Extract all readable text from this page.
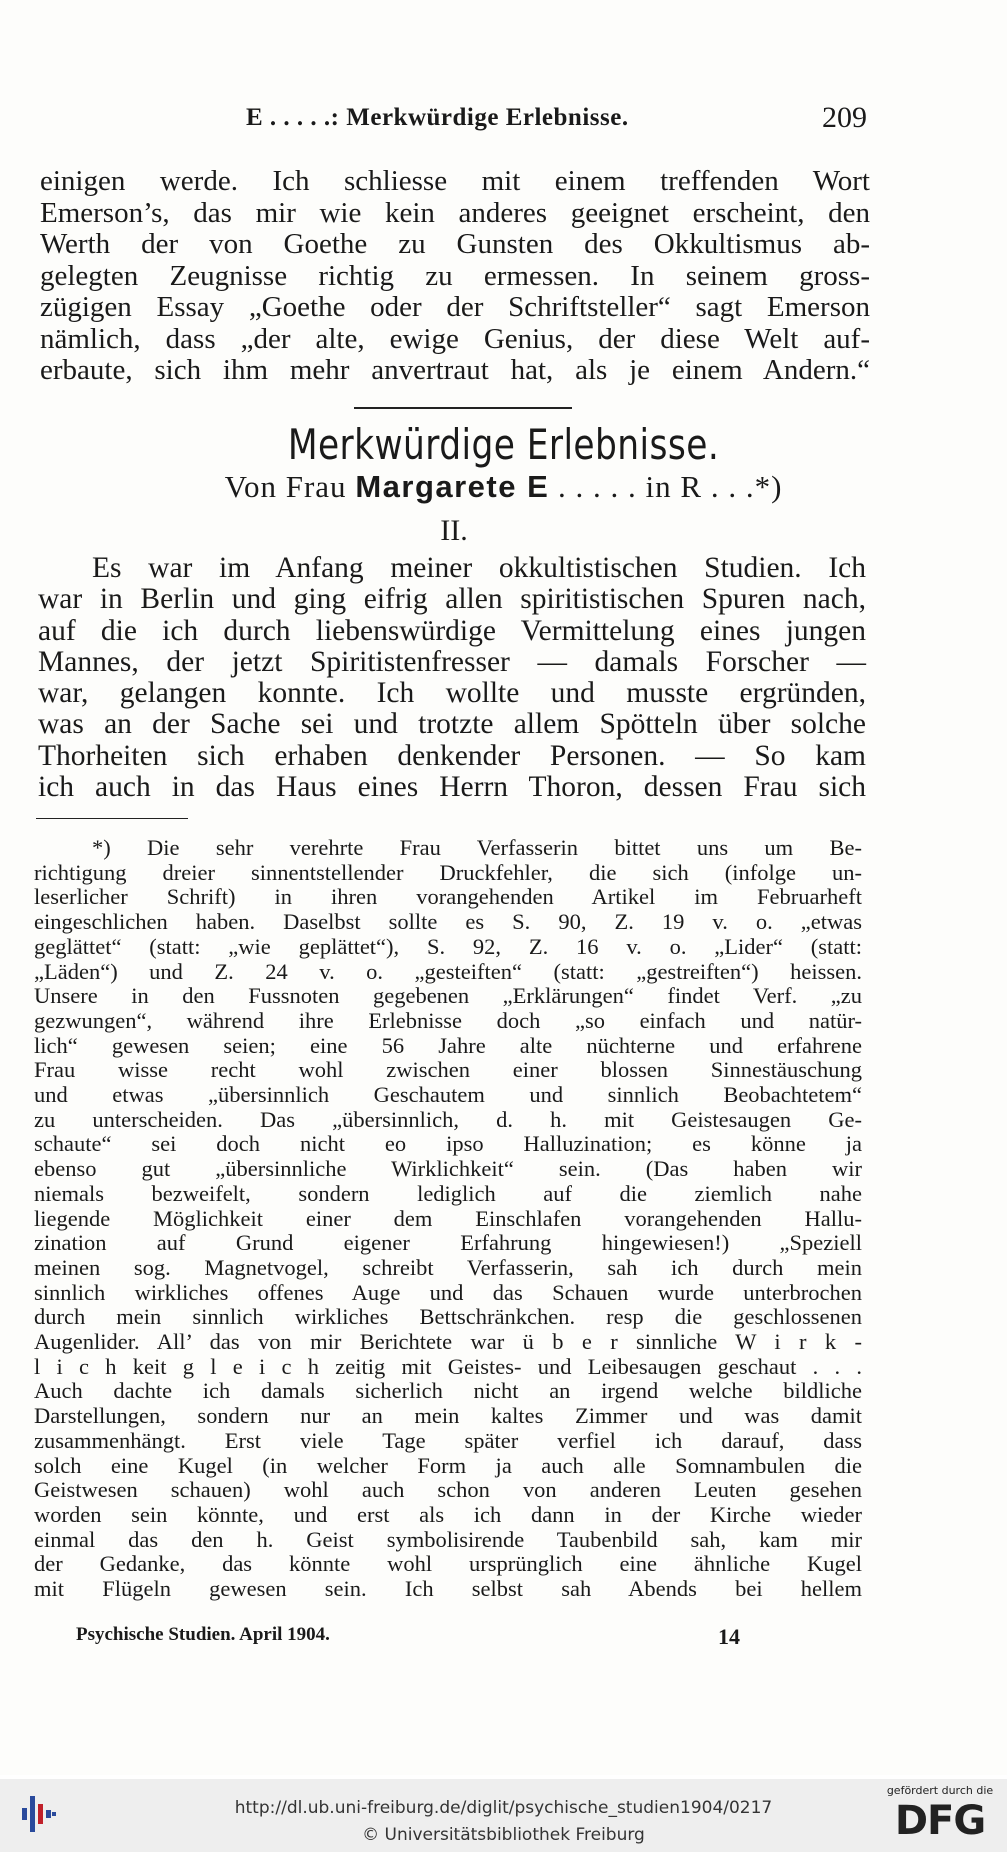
E . . . . .: Merkwürdige Erlebnisse.	209

einigen werde. Ich schliesse mit einem treffenden Wort

Emerson’s, das mir wie kein anderes geeignet erscheint, den

Werth der von Goethe zu Gunsten des Okkultismus ab-

gelegten Zeugnisse richtig zu ermessen. In seinem gross-

zügigen Essay „Goethe oder der Schriftsteller“ sagt Emerson

nämlich, dass „der alte, ewige Genius, der diese Welt auf-

erbaute, sich ihm mehr anvertraut hat, als je einem Andern.“

Merkwürdige Erlebnisse.
Von Frau Margarete E . . . . . in R . . .*)
II.

Es war im Anfang meiner okkultistischen Studien. Ich

war in Berlin und ging eifrig allen spiritistischen Spuren nach,

auf die ich durch liebenswürdige Vermittelung eines jungen

Mannes, der jetzt Spiritistenfresser — damals Forscher —

war, gelangen konnte. Ich wollte und musste ergründen,

was an der Sache sei und trotzte allem Spötteln über solche

Thorheiten sich erhaben denkender Personen. — So kam

ich auch in das Haus eines Herrn Thoron, dessen Frau sich

*) Die sehr verehrte Frau Verfasserin bittet uns um Be-

richtigung dreier sinnentstellender Druckfehler, die sich (infolge un-

leserlicher Schrift) in ihren vorangehenden Artikel im Februarheft

eingeschlichen haben. Daselbst sollte es S. 90, Z. 19 v. o. „etwas

geglättet“ (statt: „wie geplättet“), S. 92, Z. 16 v. o. „Lider“ (statt:

„Läden“) und Z. 24 v. o. „gesteiften“ (statt: „gestreiften“) heissen.

Unsere in den Fussnoten gegebenen „Erklärungen“ findet Verf. „zu

gezwungen“, während ihre Erlebnisse doch „so einfach und natür-

lich“ gewesen seien; eine 56 Jahre alte nüchterne und erfahrene

Frau wisse recht wohl zwischen einer blossen Sinnestäuschung

und etwas „übersinnlich Geschautem und sinnlich Beobachtetem“

zu unterscheiden. Das „übersinnlich, d. h. mit Geistesaugen Ge-

schaute“ sei doch nicht eo ipso Halluzination; es könne ja

ebenso gut „übersinnliche Wirklichkeit“ sein. (Das haben wir

niemals bezweifelt, sondern lediglich auf die ziemlich nahe

liegende Möglichkeit einer dem Einschlafen vorangehenden Hallu-

zination auf Grund eigener Erfahrung hingewiesen!) „Speziell

meinen sog. Magnetvogel, schreibt Verfasserin, sah ich durch mein

sinnlich wirkliches offenes Auge und das Schauen wurde unterbrochen

durch mein sinnlich wirkliches Bettschränkchen. resp die geschlossenen

Augenlider. All’ das von mir Berichtete war ü b e r sinnliche W i r k -

l i c h keit g l e i c h zeitig mit Geistes- und Leibesaugen geschaut . . .

Auch dachte ich damals sicherlich nicht an irgend welche bildliche

Darstellungen, sondern nur an mein kaltes Zimmer und was damit

zusammenhängt. Erst viele Tage später verfiel ich darauf, dass

solch eine Kugel (in welcher Form ja auch alle Somnambulen die

Geistwesen schauen) wohl auch schon von anderen Leuten gesehen

worden sein könnte, und erst als ich dann in der Kirche wieder

einmal das den h. Geist symbolisirende Taubenbild sah, kam mir

der Gedanke, das könnte wohl ursprünglich eine ähnliche Kugel

mit Flügeln gewesen sein. Ich selbst sah Abends bei hellem

Psychische Studien. April 1904.	14
http://dl.ub.uni-freiburg.de/diglit/psychische_studien1904/0217
© Universitätsbibliothek Freiburg
gefördert durch die
DFG
